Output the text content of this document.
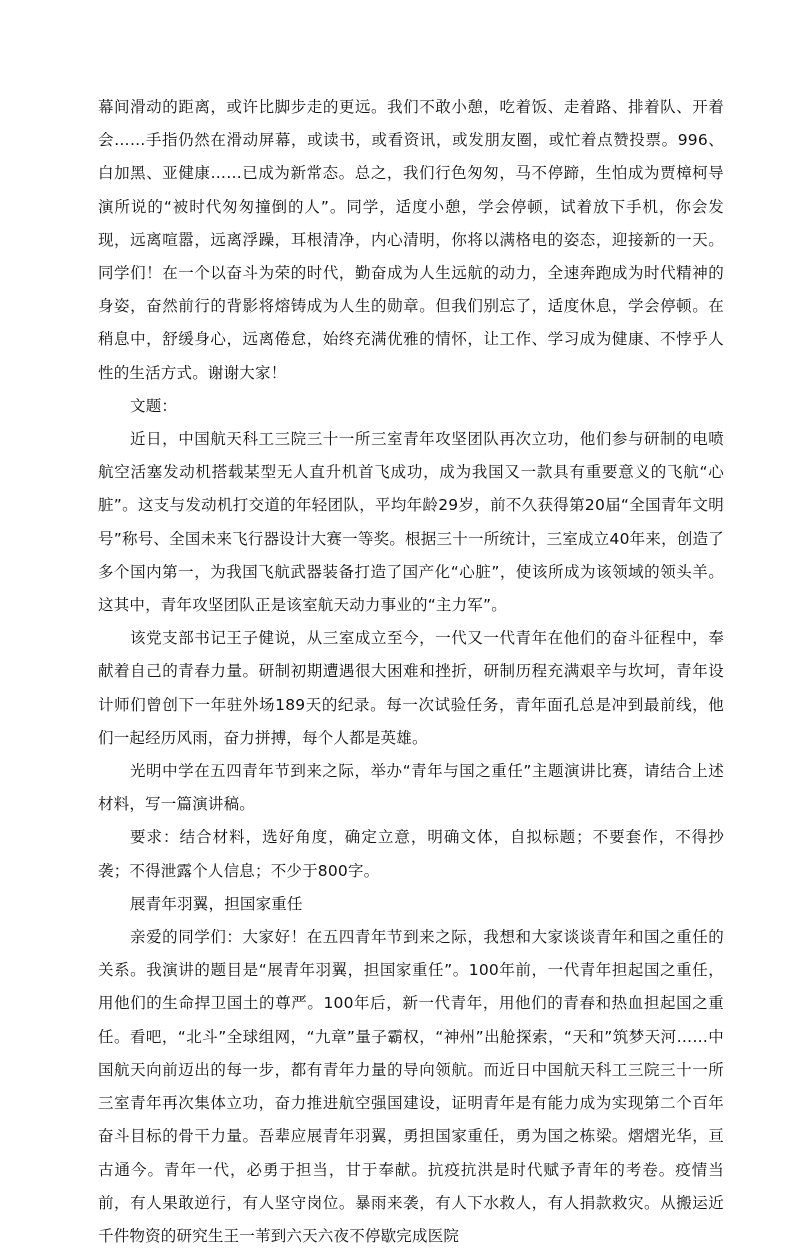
幕间滑动的距离，或许比脚步走的更远。我们不敢小憩，吃着饭、走着路、排着队、开着会……手指仍然在滑动屏幕，或读书，或看资讯，或发朋友圈，或忙着点赞投票。996、白加黑、亚健康……已成为新常态。总之，我们行色匆匆，马不停蹄，生怕成为贾樟柯导演所说的“被时代匆匆撞倒的人”。同学，适度小憩，学会停顿，试着放下手机，你会发现，远离喧嚣，远离浮躁，耳根清净，内心清明，你将以满格电的姿态，迎接新的一天。同学们！在一个以奋斗为荣的时代，勤奋成为人生远航的动力，全速奔跑成为时代精神的身姿，奋然前行的背影将熔铸成为人生的勋章。但我们别忘了，适度休息，学会停顿。在稍息中，舒缓身心，远离倦怠，始终充满优雅的情怀，让工作、学习成为健康、不悖乎人性的生活方式。谢谢大家！

文题：

近日，中国航天科工三院三十一所三室青年攻坚团队再次立功，他们参与研制的电喷航空活塞发动机搭载某型无人直升机首飞成功，成为我国又一款具有重要意义的飞航“心脏”。这支与发动机打交道的年轻团队，平均年龄29岁，前不久获得第20届“全国青年文明号”称号、全国未来飞行器设计大赛一等奖。根据三十一所统计，三室成立40年来，创造了多个国内第一，为我国飞航武器装备打造了国产化“心脏”，使该所成为该领域的领头羊。这其中，青年攻坚团队正是该室航天动力事业的“主力军”。

该党支部书记王子健说，从三室成立至今，一代又一代青年在他们的奋斗征程中，奉献着自己的青春力量。研制初期遭遇很大困难和挫折，研制历程充满艰辛与坎坷，青年设计师们曾创下一年驻外场189天的纪录。每一次试验任务，青年面孔总是冲到最前线，他们一起经历风雨，奋力拼搏，每个人都是英雄。

光明中学在五四青年节到来之际，举办“青年与国之重任”主题演讲比赛，请结合上述材料，写一篇演讲稿。

要求：结合材料，选好角度，确定立意，明确文体，自拟标题；不要套作，不得抄袭；不得泄露个人信息；不少于800字。

展青年羽翼，担国家重任

亲爱的同学们：大家好！在五四青年节到来之际，我想和大家谈谈青年和国之重任的关系。我演讲的题目是“展青年羽翼，担国家重任”。100年前，一代青年担起国之重任，用他们的生命捍卫国土的尊严。100年后，新一代青年，用他们的青春和热血担起国之重任。看吧，“北斗”全球组网，“九章”量子霸权，“神州”出舱探索，“天和”筑梦天河……中国航天向前迈出的每一步，都有青年力量的导向领航。而近日中国航天科工三院三十一所三室青年再次集体立功，奋力推进航空强国建设，证明青年是有能力成为实现第二个百年奋斗目标的骨干力量。吾辈应展青年羽翼，勇担国家重任，勇为国之栋梁。熠熠光华，亘古通今。青年一代，必勇于担当，甘于奉献。抗疫抗洪是时代赋予青年的考卷。疫情当前，有人果敢逆行，有人坚守岗位。暴雨来袭，有人下水救人，有人捐款救灾。从搬运近千件物资的研究生王一苇到六天六夜不停歇完成医院
